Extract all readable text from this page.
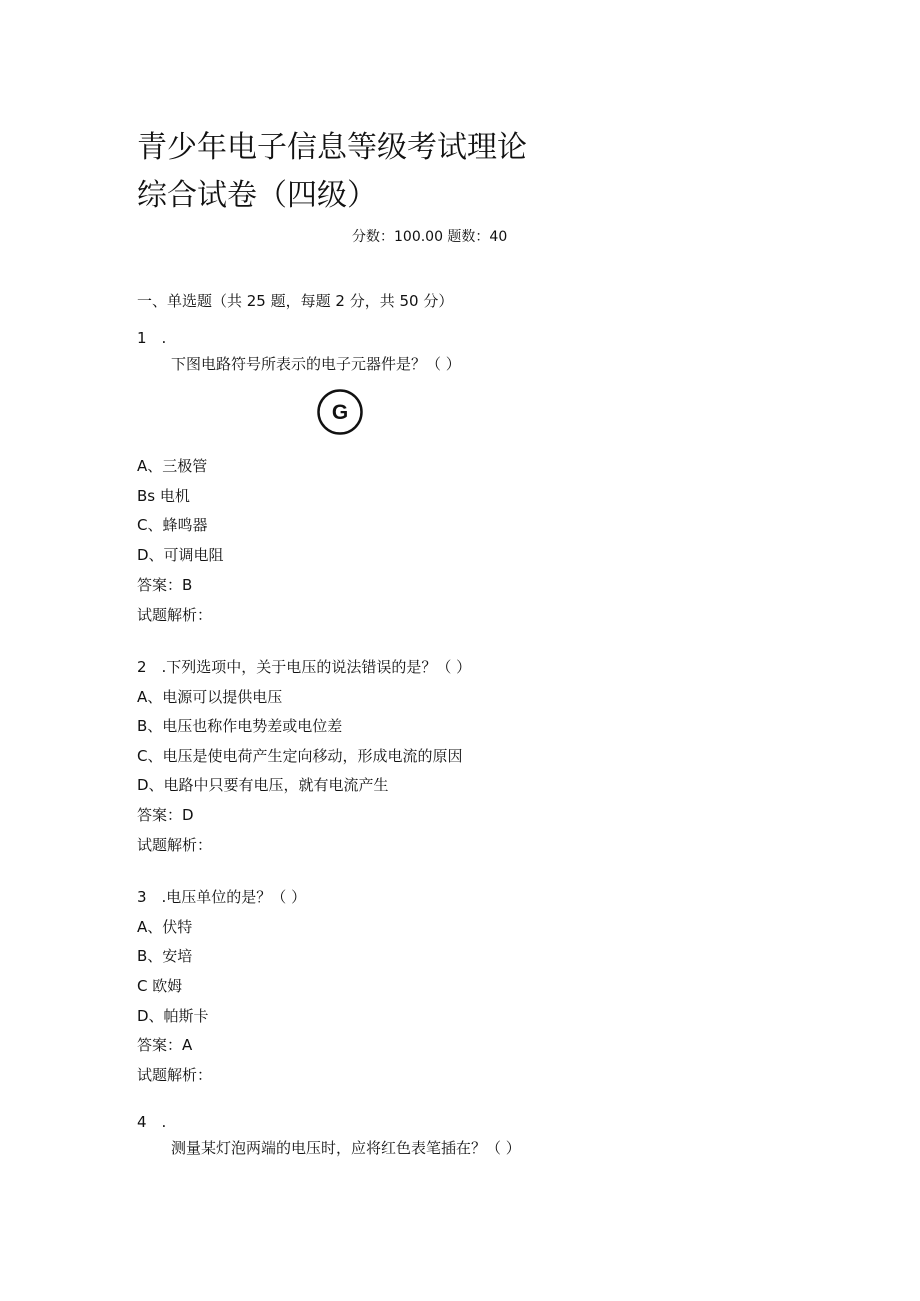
青少年电子信息等级考试理论
综合试卷（四级）
分数：100.00 题数：40
一、单选题（共 25 题，每题 2 分，共 50 分）
1　.
下图电路符号所表示的电子元器件是？（ ）
G
A、三极管
Bs 电机
C、蜂鸣器
D、可调电阻
答案：B
试题解析：
2　.下列选项中，关于电压的说法错误的是？（ ）
A、电源可以提供电压
B、电压也称作电势差或电位差
C、电压是使电荷产生定向移动，形成电流的原因
D、电路中只要有电压，就有电流产生
答案：D
试题解析：
3　.电压单位的是？（ ）
A、伏特
B、安培
C 欧姆
D、帕斯卡
答案：A
试题解析：
4　.
测量某灯泡两端的电压时，应将红色表笔插在？（ ）
